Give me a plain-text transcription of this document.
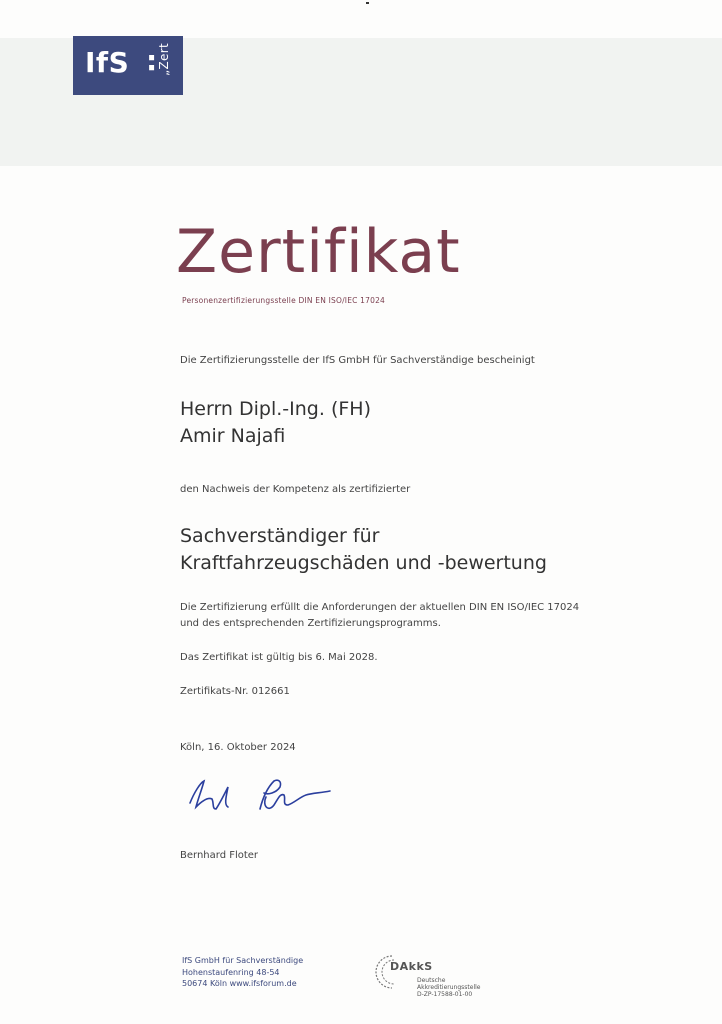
IfS : „Zert
Zertifikat
Personenzertifizierungsstelle DIN EN ISO/IEC 17024
Die Zertifizierungsstelle der IfS GmbH für Sachverständige bescheinigt
Herrn Dipl.-Ing. (FH)
Amir Najafi
den Nachweis der Kompetenz als zertifizierter
Sachverständiger für
Kraftfahrzeugschäden und -bewertung
Die Zertifizierung erfüllt die Anforderungen der aktuellen DIN EN ISO/IEC 17024
und des entsprechenden Zertifizierungsprogramms.
Das Zertifikat ist gültig bis 6. Mai 2028.
Zertifikats-Nr. 012661
Köln, 16. Oktober 2024
Bernhard Floter
IfS GmbH für Sachverständige
Hohenstaufenring 48-54
50674 Köln www.ifsforum.de
DAkkS
Deutsche
Akkreditierungsstelle
D-ZP-17588-01-00
